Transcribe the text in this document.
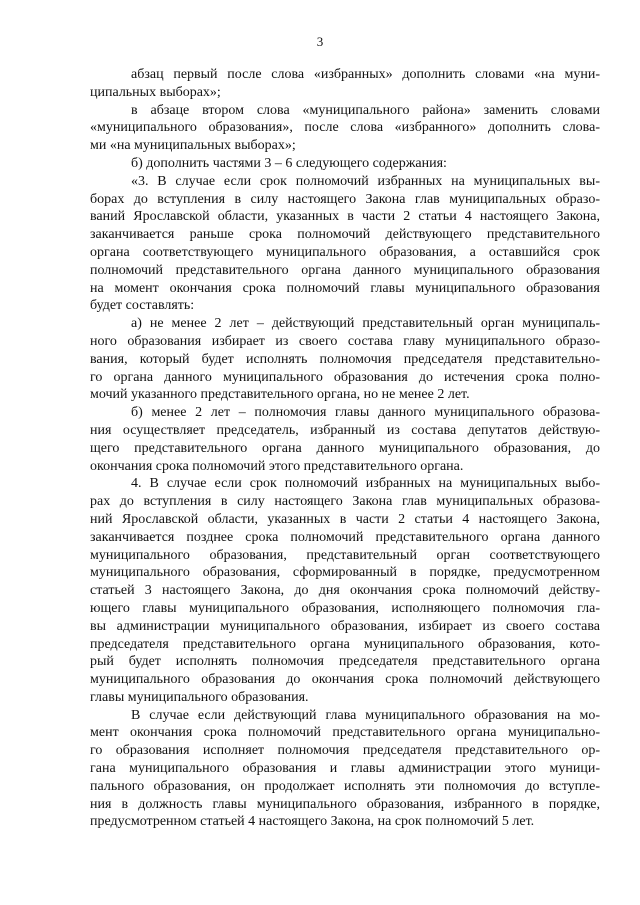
3
абзац первый после слова «избранных» дополнить словами «на муни-
ципальных выборах»;
в абзаце втором слова «муниципального района» заменить словами
«муниципального образования», после слова «избранного» дополнить слова-
ми «на муниципальных выборах»;
б) дополнить частями 3 – 6 следующего содержания:
«3. В случае если срок полномочий избранных на муниципальных вы-
борах до вступления в силу настоящего Закона глав муниципальных образо-
ваний Ярославской области, указанных в части 2 статьи 4 настоящего Закона,
заканчивается раньше срока полномочий действующего представительного
органа соответствующего муниципального образования, а оставшийся срок
полномочий представительного органа данного муниципального образования
на момент окончания срока полномочий главы муниципального образования
будет составлять:
а) не менее 2 лет – действующий представительный орган муниципаль-
ного образования избирает из своего состава главу муниципального образо-
вания, который будет исполнять полномочия председателя представительно-
го органа данного муниципального образования до истечения срока полно-
мочий указанного представительного органа, но не менее 2 лет.
б) менее 2 лет – полномочия главы данного муниципального образова-
ния осуществляет председатель, избранный из состава депутатов действую-
щего представительного органа данного муниципального образования, до
окончания срока полномочий этого представительного органа.
4. В случае если срок полномочий избранных на муниципальных выбо-
рах до вступления в силу настоящего Закона глав муниципальных образова-
ний Ярославской области, указанных в части 2 статьи 4 настоящего Закона,
заканчивается позднее срока полномочий представительного органа данного
муниципального образования, представительный орган соответствующего
муниципального образования, сформированный в порядке, предусмотренном
статьей 3 настоящего Закона, до дня окончания срока полномочий действу-
ющего главы муниципального образования, исполняющего полномочия гла-
вы администрации муниципального образования, избирает из своего состава
председателя представительного органа муниципального образования, кото-
рый будет исполнять полномочия председателя представительного органа
муниципального образования до окончания срока полномочий действующего
главы муниципального образования.
В случае если действующий глава муниципального образования на мо-
мент окончания срока полномочий представительного органа муниципально-
го образования исполняет полномочия председателя представительного ор-
гана муниципального образования и главы администрации этого муници-
пального образования, он продолжает исполнять эти полномочия до вступле-
ния в должность главы муниципального образования, избранного в порядке,
предусмотренном статьей 4 настоящего Закона, на срок полномочий 5 лет.
